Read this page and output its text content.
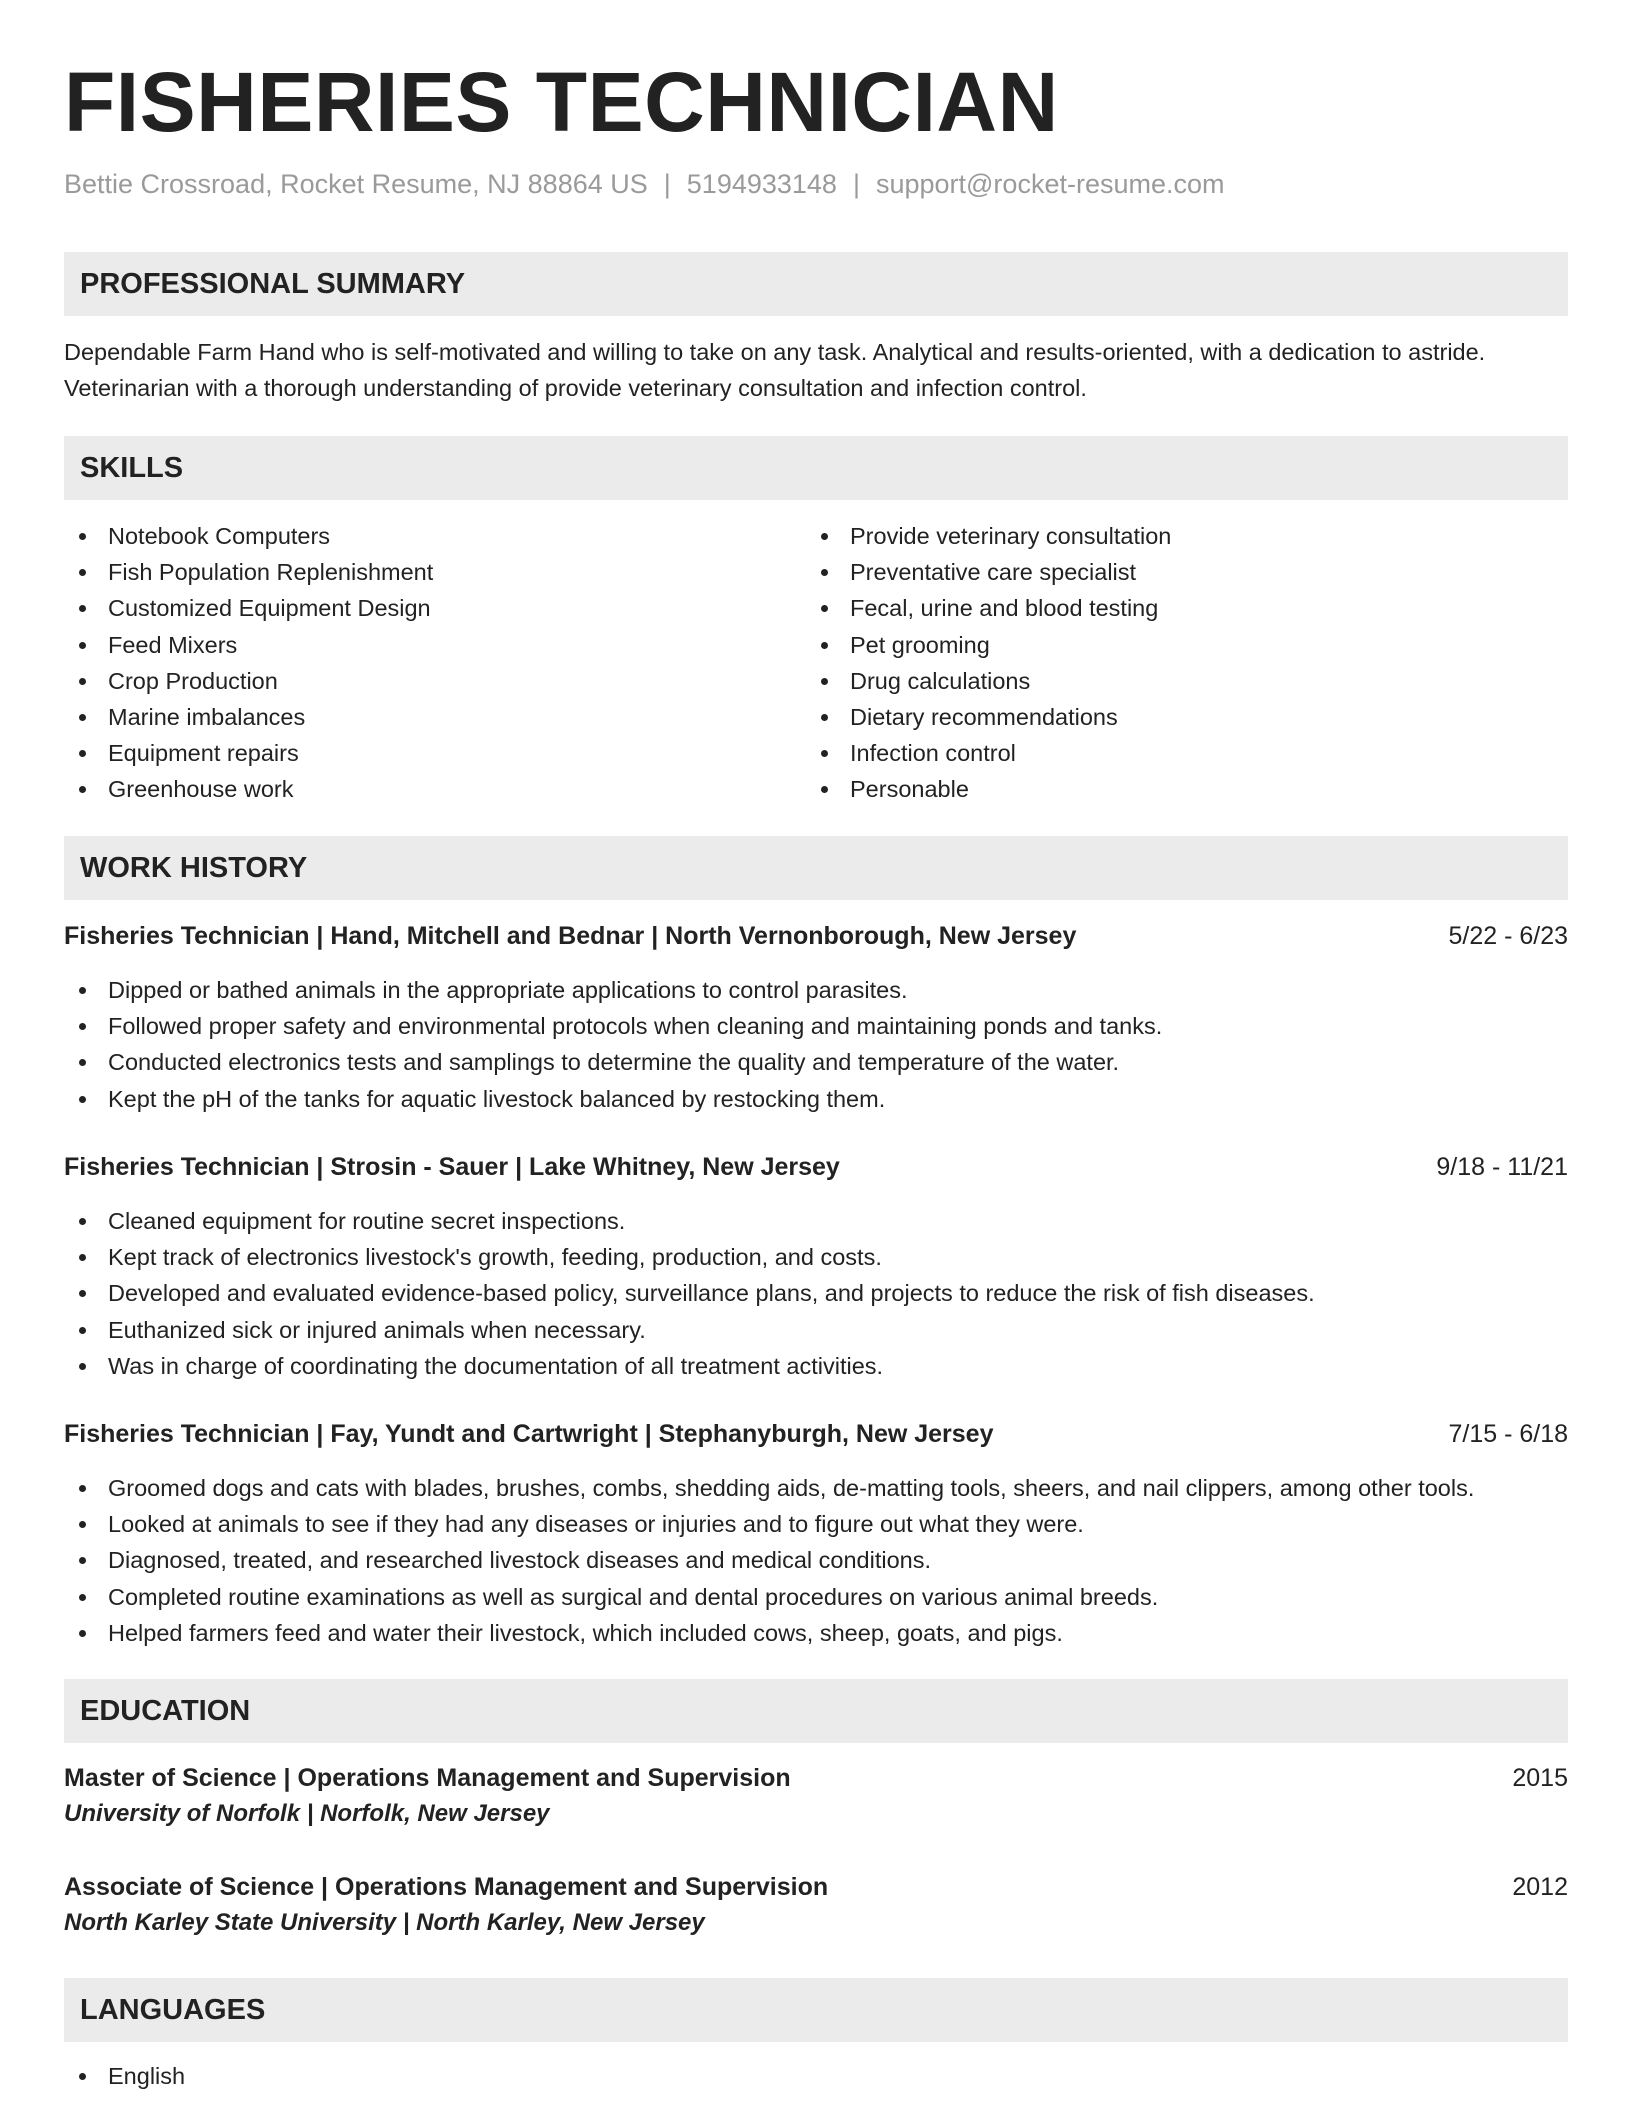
FISHERIES TECHNICIAN
Bettie Crossroad, Rocket Resume, NJ 88864 US | 5194933148 | support@rocket-resume.com
PROFESSIONAL SUMMARY

Dependable Farm Hand who is self-motivated and willing to take on any task. Analytical and results-oriented, with a dedication to astride. Veterinarian with a thorough understanding of provide veterinary consultation and infection control.

SKILLS
Notebook Computers
Fish Population Replenishment
Customized Equipment Design
Feed Mixers
Crop Production
Marine imbalances
Equipment repairs
Greenhouse work
Provide veterinary consultation
Preventative care specialist
Fecal, urine and blood testing
Pet grooming
Drug calculations
Dietary recommendations
Infection control
Personable
WORK HISTORY
Fisheries Technician | Hand, Mitchell and Bednar | North Vernonborough, New Jersey	5/22 - 6/23
Dipped or bathed animals in the appropriate applications to control parasites.
Followed proper safety and environmental protocols when cleaning and maintaining ponds and tanks.
Conducted electronics tests and samplings to determine the quality and temperature of the water.
Kept the pH of the tanks for aquatic livestock balanced by restocking them.
Fisheries Technician | Strosin - Sauer | Lake Whitney, New Jersey	9/18 - 11/21
Cleaned equipment for routine secret inspections.
Kept track of electronics livestock's growth, feeding, production, and costs.
Developed and evaluated evidence-based policy, surveillance plans, and projects to reduce the risk of fish diseases.
Euthanized sick or injured animals when necessary.
Was in charge of coordinating the documentation of all treatment activities.
Fisheries Technician | Fay, Yundt and Cartwright | Stephanyburgh, New Jersey	7/15 - 6/18
Groomed dogs and cats with blades, brushes, combs, shedding aids, de-matting tools, sheers, and nail clippers, among other tools.
Looked at animals to see if they had any diseases or injuries and to figure out what they were.
Diagnosed, treated, and researched livestock diseases and medical conditions.
Completed routine examinations as well as surgical and dental procedures on various animal breeds.
Helped farmers feed and water their livestock, which included cows, sheep, goats, and pigs.
EDUCATION
Master of Science | Operations Management and Supervision	2015
University of Norfolk | Norfolk, New Jersey
Associate of Science | Operations Management and Supervision	2012
North Karley State University | North Karley, New Jersey
LANGUAGES
English
